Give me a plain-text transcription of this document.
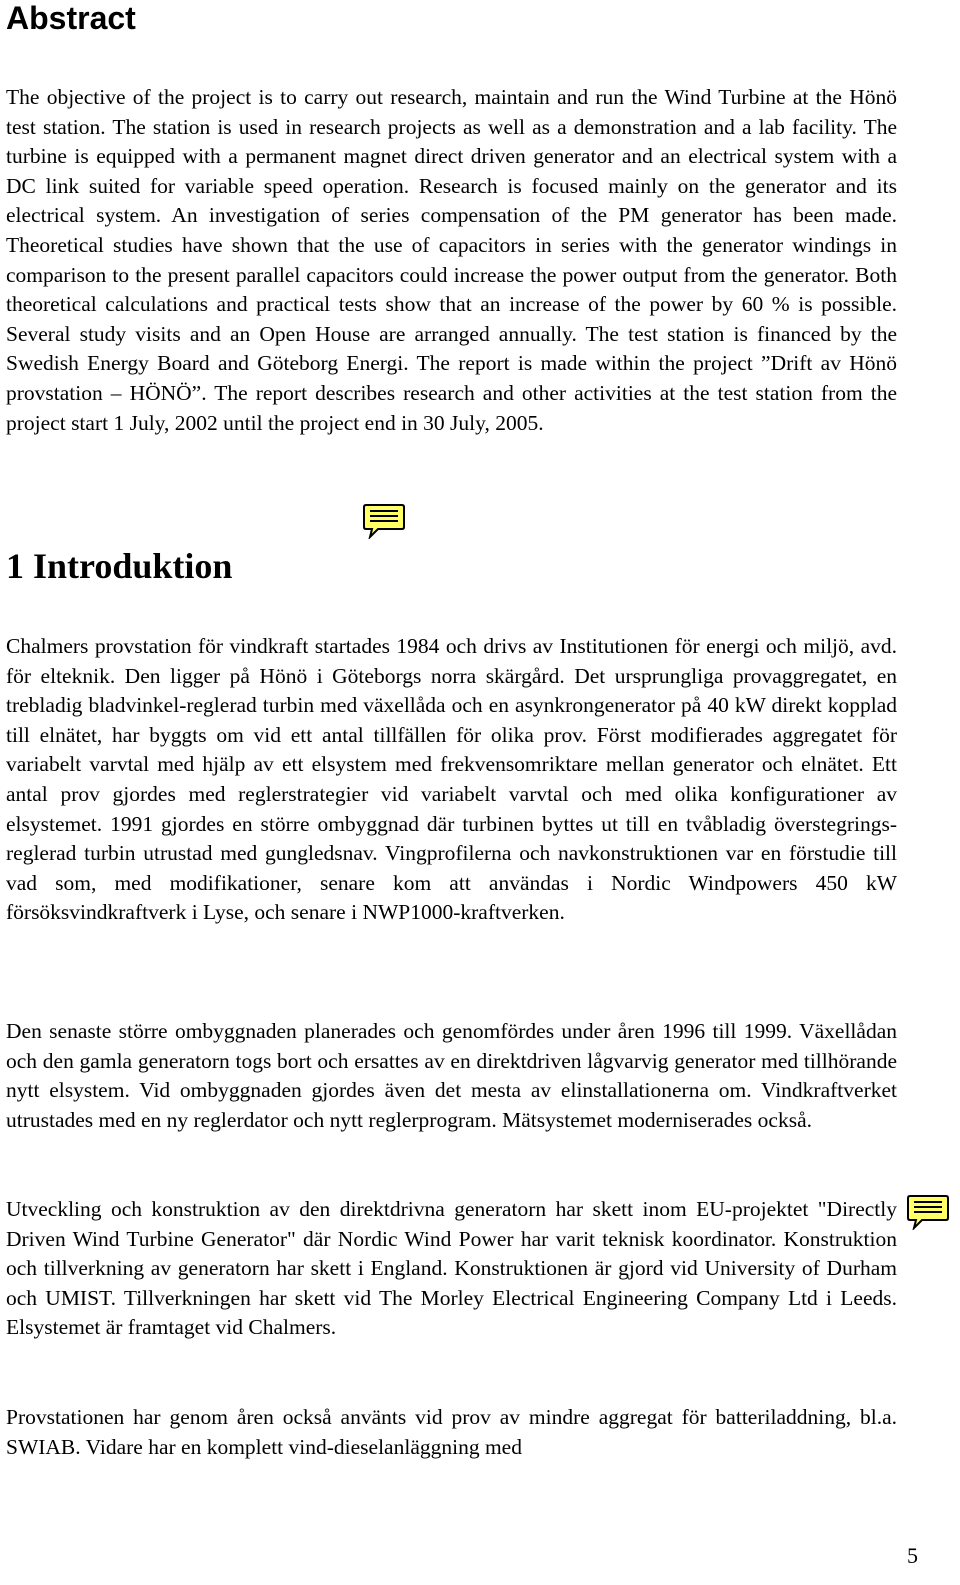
Abstract

The objective of the project is to carry out research, maintain and run the Wind Turbine at the Hönö test station. The station is used in research projects as well as a demonstration and a lab facility. The turbine is equipped with a permanent magnet direct driven generator and an electrical system with a DC link suited for variable speed operation. Research is focused mainly on the generator and its electrical system. An investigation of series compensation of the PM generator has been made. Theoretical studies have shown that the use of capacitors in series with the generator windings in comparison to the present parallel capacitors could increase the power output from the generator. Both theoretical calculations and practical tests show that an increase of the power by 60 % is possible. Several study visits and an Open House are arranged annually. The test station is financed by the Swedish Energy Board and Göteborg Energi. The report is made within the project ”Drift av Hönö provstation – HÖNÖ”. The report describes research and other activities at the test station from the project start 1 July, 2002 until the project end in 30 July, 2005.

1 Introduktion

Chalmers provstation för vindkraft startades 1984 och drivs av Institutionen för energi och miljö, avd. för elteknik. Den ligger på Hönö i Göteborgs norra skärgård. Det ursprungliga provaggregatet, en trebladig bladvinkel-reglerad turbin med växellåda och en asynkrongenerator på 40 kW direkt kopplad till elnätet, har byggts om vid ett antal tillfällen för olika prov. Först modifierades aggregatet för variabelt varvtal med hjälp av ett elsystem med frekvensomriktare mellan generator och elnätet. Ett antal prov gjordes med reglerstrategier vid variabelt varvtal och med olika konfigurationer av elsystemet. 1991 gjordes en större ombyggnad där turbinen byttes ut till en tvåbladig överstegrings-reglerad turbin utrustad med gungledsnav. Vingprofilerna och navkonstruktionen var en förstudie till vad som, med modifikationer, senare kom att användas i Nordic Windpowers 450 kW försöksvindkraftverk i Lyse, och senare i NWP1000-kraftverken.

Den senaste större ombyggnaden planerades och genomfördes under åren 1996 till 1999. Växellådan och den gamla generatorn togs bort och ersattes av en direktdriven lågvarvig generator med tillhörande nytt elsystem. Vid ombyggnaden gjordes även det mesta av elinstallationerna om. Vindkraftverket utrustades med en ny reglerdator och nytt reglerprogram. Mätsystemet moderniserades också.

Utveckling och konstruktion av den direktdrivna generatorn har skett inom EU-projektet "Directly Driven Wind Turbine Generator" där Nordic Wind Power har varit teknisk koordinator. Konstruktion och tillverkning av generatorn har skett i England. Konstruktionen är gjord vid University of Durham och UMIST. Tillverkningen har skett vid The Morley Electrical Engineering Company Ltd i Leeds. Elsystemet är framtaget vid Chalmers.

Provstationen har genom åren också använts vid prov av mindre aggregat för batteriladdning, bl.a. SWIAB. Vidare har en komplett vind-dieselanläggning med

5
